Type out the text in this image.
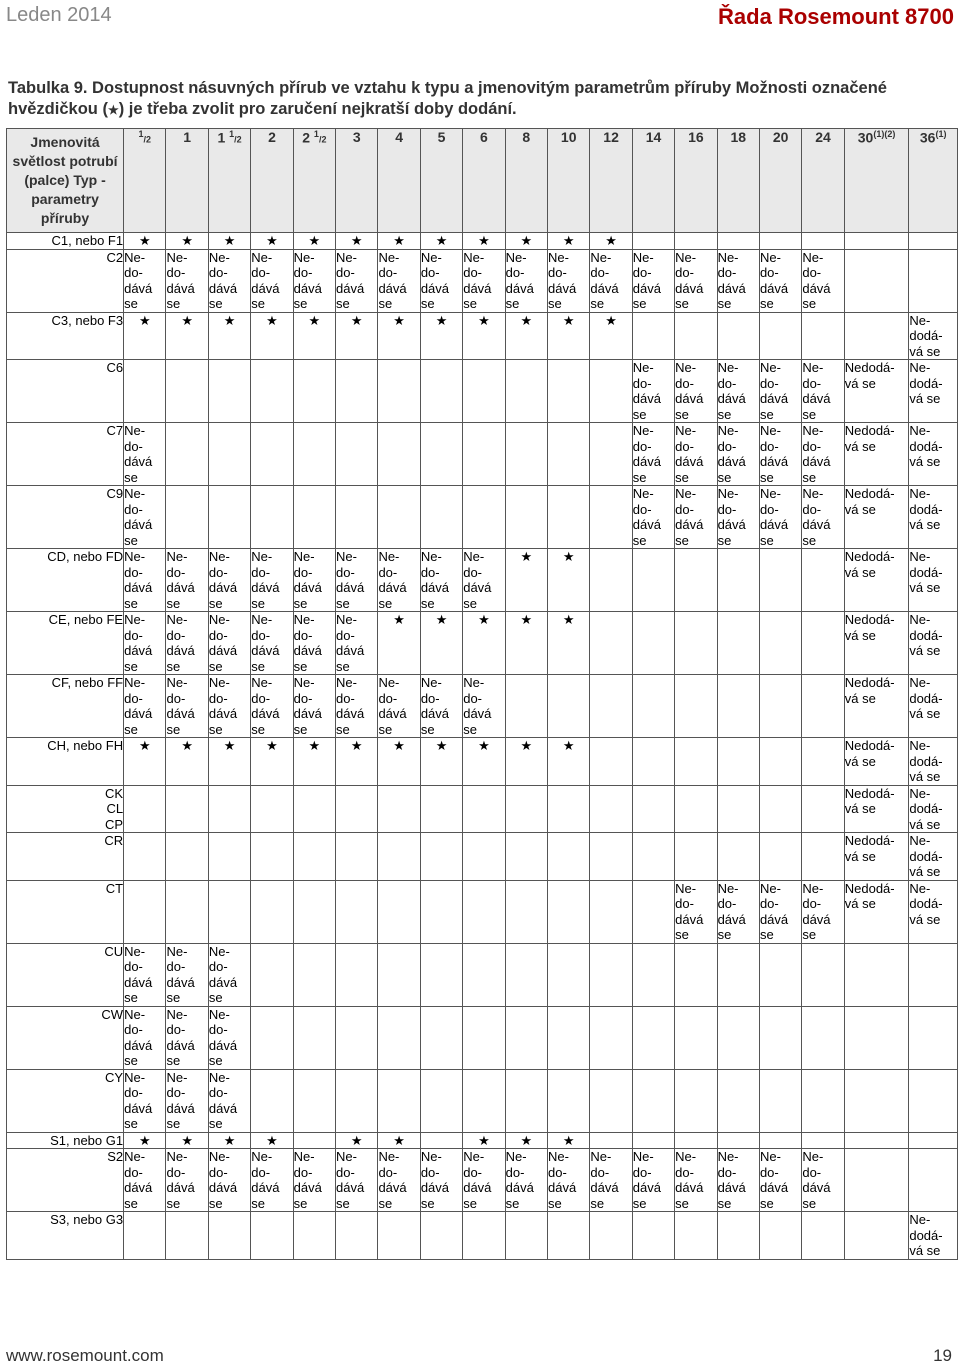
Leden 2014	Řada Rosemount 8700
Tabulka 9. Dostupnost násuvných přírub ve vztahu k typu a jmenovitým parametrům příruby Možnosti označené hvězdičkou (★) je třeba zvolit pro zaručení nejkratší doby dodání.
Jmenovitá světlost potrubí (palce) Typ - parametry příruby	$^1$/2	1	1 $^1$/2	2	2 $^1$/2	3	4	5	6	8	10	12	14	16	18	20	24	$30^{(1)(2)}$	36$^{(1)}$

C1, nebo F1	★	★	★	★	★	★	★	★	★	★	★	★							

C2	Ne-
do-
dává
se	Ne-
do-
dává
se	Ne-
do-
dává
se	Ne-
do-
dává
se	Ne-
do-
dává
se	Ne-
do-
dává
se	Ne-
do-
dává
se	Ne-
do-
dává
se	Ne-
do-
dává
se	Ne-
do-
dává
se	Ne-
do-
dává
se	Ne-
do-
dává
se	Ne-
do-
dává
se	Ne-
do-
dává
se	Ne-
do-
dává
se	Ne-
do-
dává
se	Ne-
do-
dává
se		

C3, nebo F3	★	★	★	★	★	★	★	★	★	★	★	★							Ne-
dodá-
vá se

C6													Ne-
do-
dává
se	Ne-
do-
dává
se	Ne-
do-
dává
se	Ne-
do-
dává
se	Ne-
do-
dává
se	Nedodá-
vá se	Ne-
dodá-
vá se

C7	Ne-
do-
dává
se												Ne-
do-
dává
se	Ne-
do-
dává
se	Ne-
do-
dává
se	Ne-
do-
dává
se	Ne-
do-
dává
se	Nedodá-
vá se	Ne-
dodá-
vá se

C9	Ne-
do-
dává
se												Ne-
do-
dává
se	Ne-
do-
dává
se	Ne-
do-
dává
se	Ne-
do-
dává
se	Ne-
do-
dává
se	Nedodá-
vá se	Ne-
dodá-
vá se

CD, nebo FD	Ne-
do-
dává
se	Ne-
do-
dává
se	Ne-
do-
dává
se	Ne-
do-
dává
se	Ne-
do-
dává
se	Ne-
do-
dává
se	Ne-
do-
dává
se	Ne-
do-
dává
se	Ne-
do-
dává
se	★	★							Nedodá-
vá se	Ne-
dodá-
vá se

CE, nebo FE	Ne-
do-
dává
se	Ne-
do-
dává
se	Ne-
do-
dává
se	Ne-
do-
dává
se	Ne-
do-
dává
se	Ne-
do-
dává
se	★	★	★	★	★							Nedodá-
vá se	Ne-
dodá-
vá se

CF, nebo FF	Ne-
do-
dává
se	Ne-
do-
dává
se	Ne-
do-
dává
se	Ne-
do-
dává
se	Ne-
do-
dává
se	Ne-
do-
dává
se	Ne-
do-
dává
se	Ne-
do-
dává
se	Ne-
do-
dává
se									Nedodá-
vá se	Ne-
dodá-
vá se

CH, nebo FH	★	★	★	★	★	★	★	★	★	★	★							Nedodá-
vá se	Ne-
dodá-
vá se

CK
CL
CP																		Nedodá-
vá se	Ne-
dodá-
vá se

CR																		Nedodá-
vá se	Ne-
dodá-
vá se

CT														Ne-
do-
dává
se	Ne-
do-
dává
se	Ne-
do-
dává
se	Ne-
do-
dává
se	Nedodá-
vá se	Ne-
dodá-
vá se

CU	Ne-
do-
dává
se	Ne-
do-
dává
se	Ne-
do-
dává
se																

CW	Ne-
do-
dává
se	Ne-
do-
dává
se	Ne-
do-
dává
se																

CY	Ne-
do-
dává
se	Ne-
do-
dává
se	Ne-
do-
dává
se																

S1, nebo G1	★	★	★	★		★	★		★	★	★								

S2	Ne-
do-
dává
se	Ne-
do-
dává
se	Ne-
do-
dává
se	Ne-
do-
dává
se	Ne-
do-
dává
se	Ne-
do-
dává
se	Ne-
do-
dává
se	Ne-
do-
dává
se	Ne-
do-
dává
se	Ne-
do-
dává
se	Ne-
do-
dává
se	Ne-
do-
dává
se	Ne-
do-
dává
se	Ne-
do-
dává
se	Ne-
do-
dává
se	Ne-
do-
dává
se	Ne-
do-
dává
se		

S3, nebo G3																			Ne-
dodá-
vá se
www.rosemount.com	19
